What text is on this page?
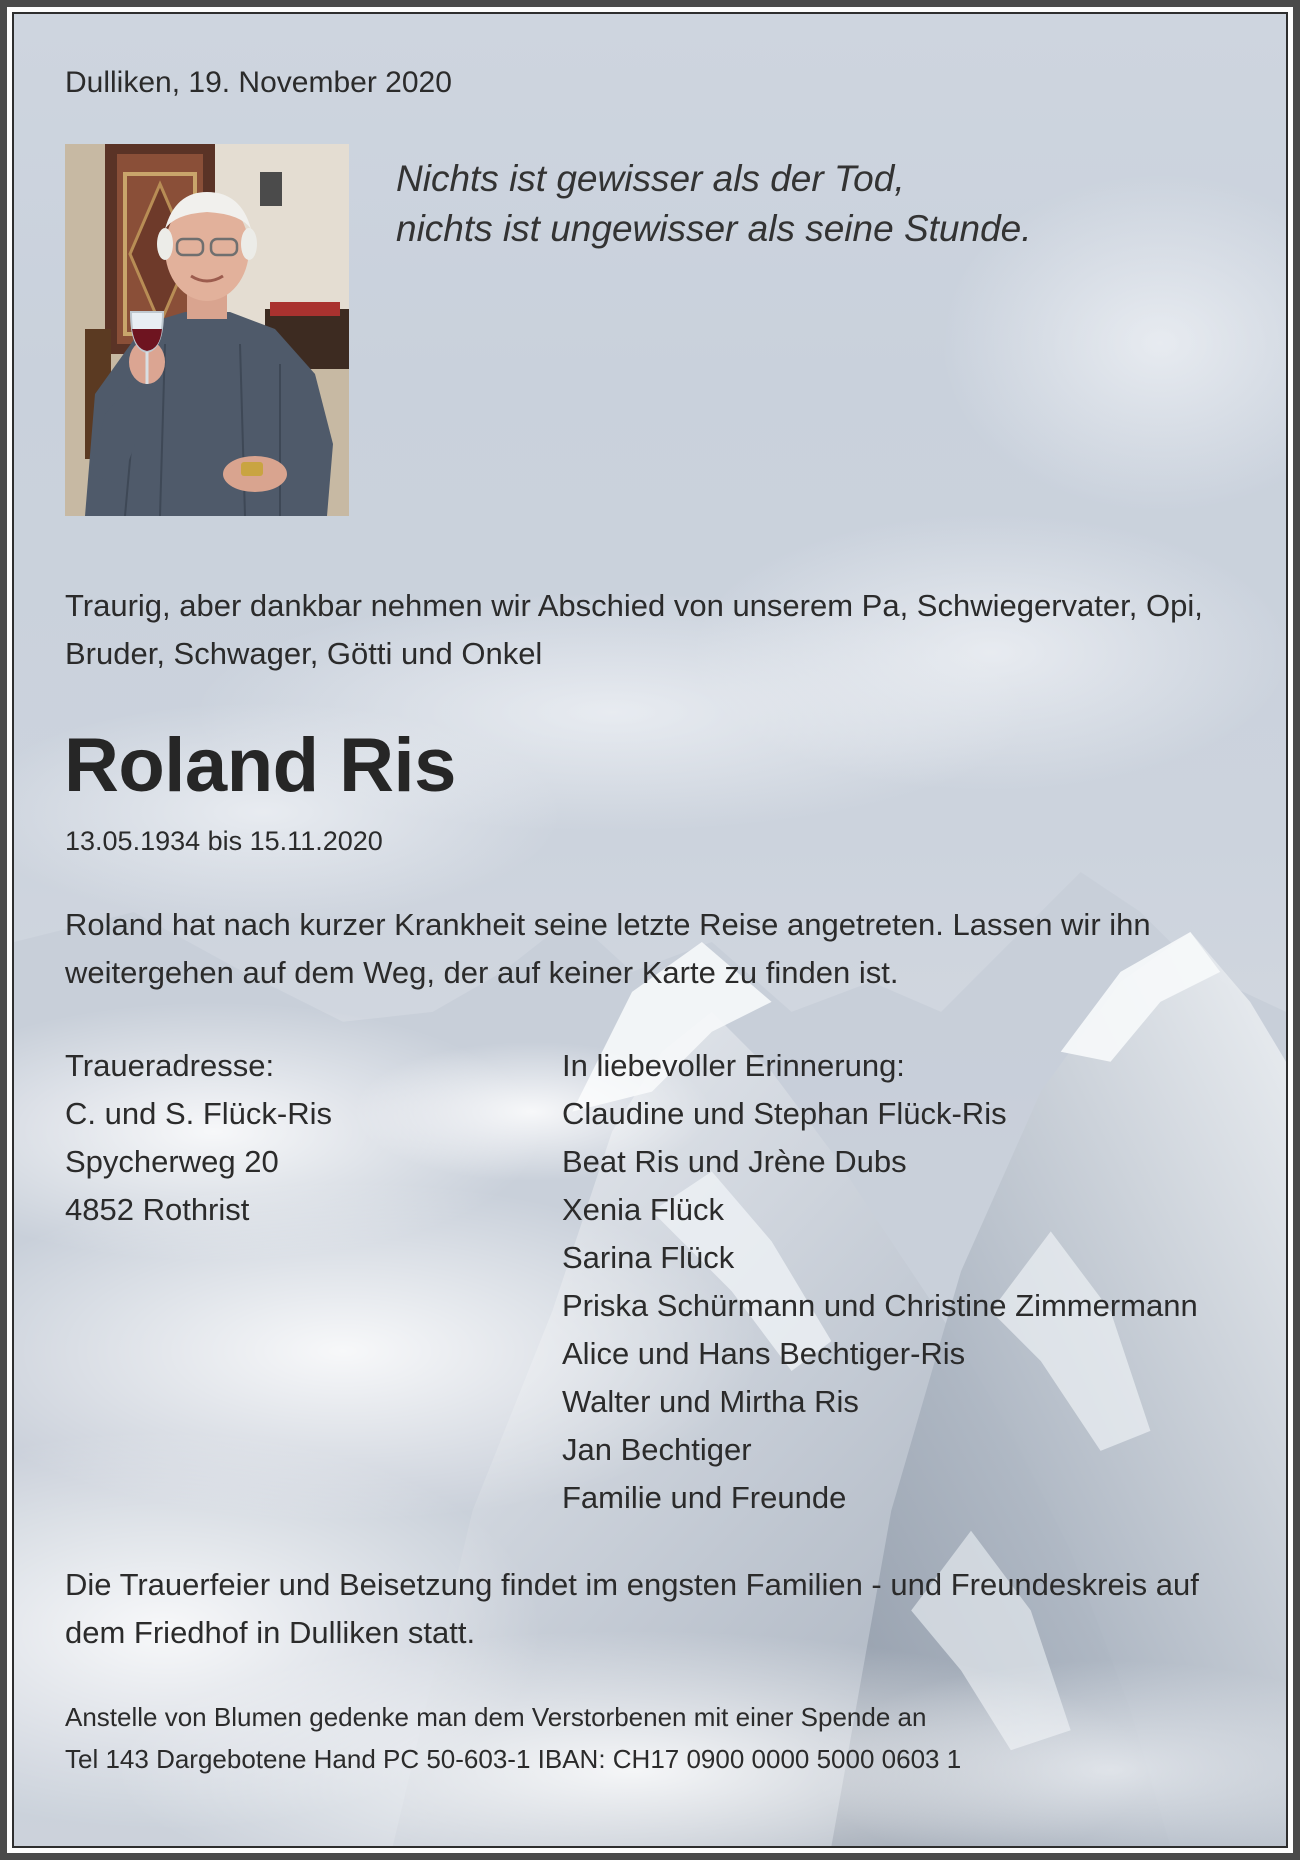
Dulliken, 19. November 2020

Nichts ist gewisser als der Tod,
nichts ist ungewisser als seine Stunde.

Traurig, aber dankbar nehmen wir Abschied von unserem Pa, Schwiegervater, Opi, Bruder, Schwager, Götti und Onkel

Roland Ris

13.05.1934 bis 15.11.2020

Roland hat nach kurzer Krankheit seine letzte Reise angetreten. Lassen wir ihn weitergehen auf dem Weg, der auf keiner Karte zu finden ist.

Traueradresse:
C. und S. Flück-Ris
Spycherweg 20
4852 Rothrist
In liebevoller Erinnerung:
Claudine und Stephan Flück-Ris
Beat Ris und Jrène Dubs
Xenia Flück
Sarina Flück
Priska Schürmann und Christine Zimmermann
Alice und Hans Bechtiger-Ris
Walter und Mirtha Ris
Jan Bechtiger
Familie und Freunde

Die Trauerfeier und Beisetzung findet im engsten Familien - und Freundeskreis auf dem Friedhof in Dulliken statt.

Anstelle von Blumen gedenke man dem Verstorbenen mit einer Spende an
Tel 143 Dargebotene Hand PC 50-603-1 IBAN: CH17 0900 0000 5000 0603 1
